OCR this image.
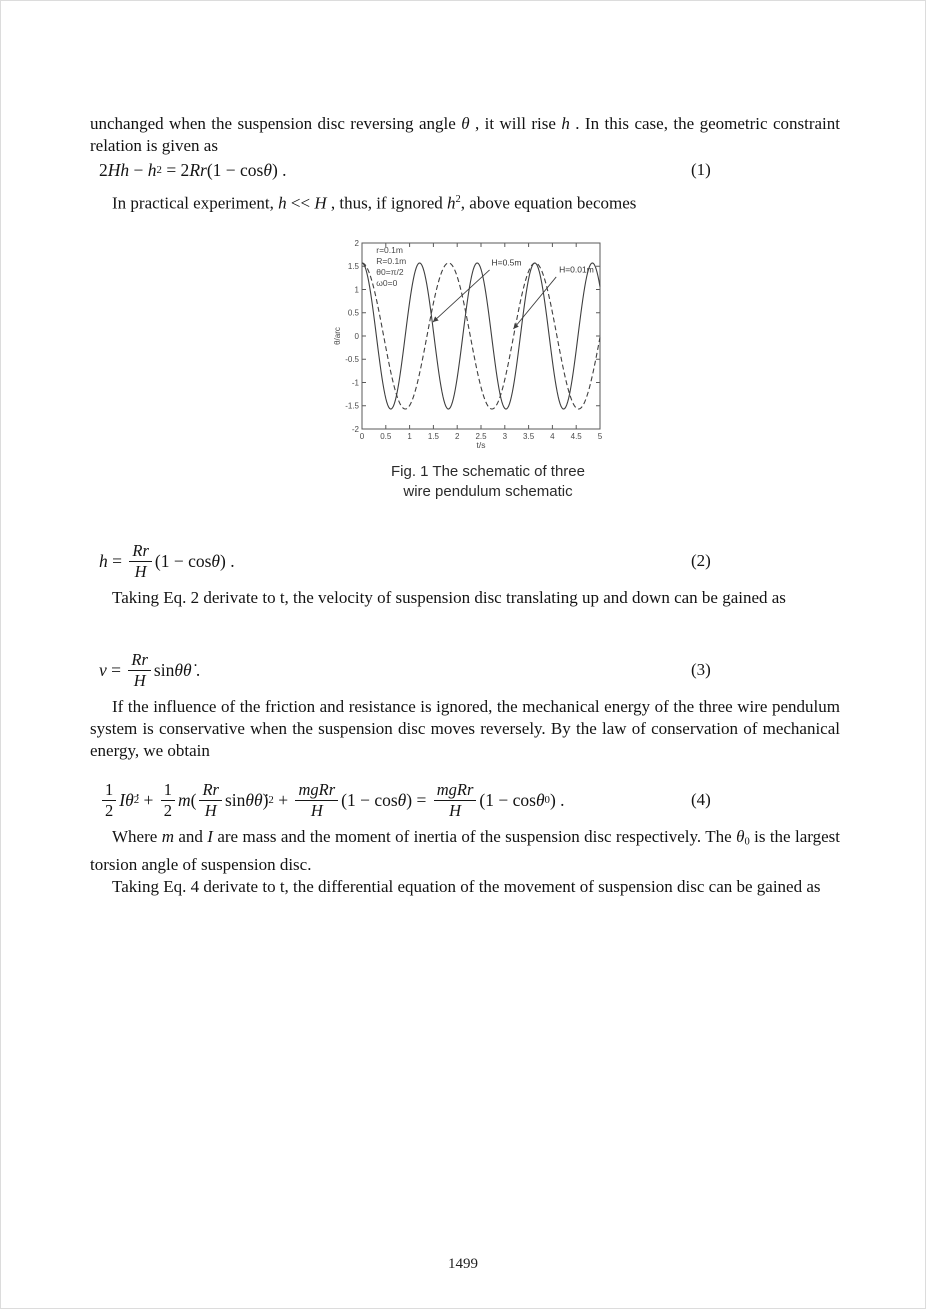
unchanged when the suspension disc reversing angle θ , it will rise h . In this case, the geometric constraint relation is given as
2 Hh − h 2 = 2 Rr (1 − cos θ ) .	(1)
In practical experiment, h << H , thus, if ignored $h^2$, above equation becomes
0 0.5 1 1.5 2 2.5 3 3.5 4 4.5 5
-2
-1.5
-1
-0.5
0
0.5
1
1.5
2
t/s
θ/arc
r=0.1m
R=0.1m
θ0=π/2
ω0=0
H=0.5m
H=0.01m
Fig. 1 The schematic of three
wire pendulum schematic
$h = \frac{Rr}{H} (1 - \cos \theta$ ) .	(2)
Taking Eq. 2 derivate to t, the velocity of suspension disc translating up and down can be gained as
$v = \frac{Rr}{H}$ sin θθ̇ .	(3)
If the influence of the friction and resistance is ignored, the mechanical energy of the three wire pendulum system is conservative when the suspension disc moves reversely. By the law of conservation of mechanical energy, we obtain
$\frac{1}{2}$ I θ̇ $2 + \frac{1}{2}$ m ( $\frac{Rr}{H}$ sin θθ̇ ) $2 + \frac{\text{mgRr}}{H} (1 - \cos \theta$ ) = $\frac{\text{mgRr}}{H} (1 - \cos \theta$ 0 ) .	(4)
Where m and I are mass and the moment of inertia of the suspension disc respectively. The θ0 is the largest torsion angle of suspension disc.
Taking Eq. 4 derivate to t, the differential equation of the movement of suspension disc can be gained as
1499
